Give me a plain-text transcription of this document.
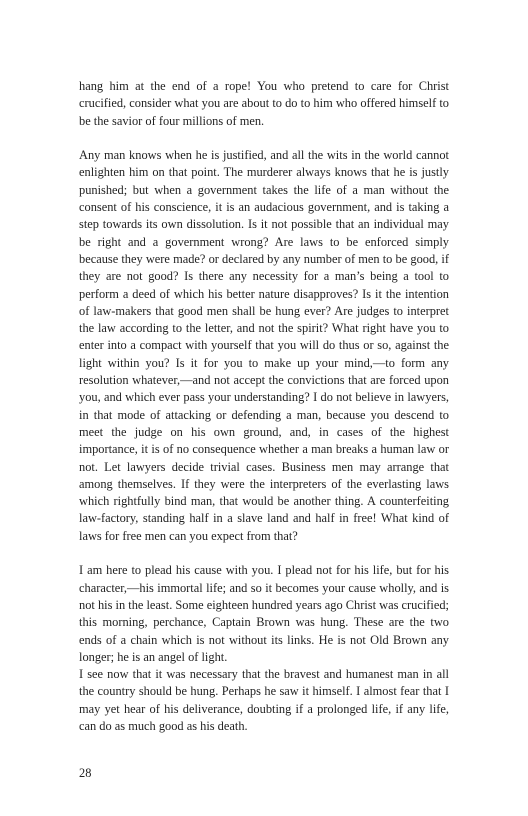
hang him at the end of a rope! You who pretend to care for Christ crucified, consider what you are about to do to him who offered himself to be the savior of four millions of men.

Any man knows when he is justified, and all the wits in the world cannot enlighten him on that point. The murderer always knows that he is justly punished; but when a government takes the life of a man without the consent of his conscience, it is an audacious government, and is taking a step towards its own dissolution. Is it not possible that an individual may be right and a government wrong? Are laws to be enforced simply because they were made? or declared by any number of men to be good, if they are not good? Is there any necessity for a man’s being a tool to perform a deed of which his better nature disapproves? Is it the intention of law-makers that good men shall be hung ever? Are judges to interpret the law according to the letter, and not the spirit? What right have you to enter into a compact with yourself that you will do thus or so, against the light within you? Is it for you to make up your mind,—to form any resolution whatever,—and not accept the convictions that are forced upon you, and which ever pass your understanding? I do not believe in lawyers, in that mode of attacking or defending a man, because you descend to meet the judge on his own ground, and, in cases of the highest importance, it is of no consequence whether a man breaks a human law or not. Let lawyers decide trivial cases. Business men may arrange that among themselves. If they were the interpreters of the everlasting laws which rightfully bind man, that would be another thing. A counterfeiting law-factory, standing half in a slave land and half in free! What kind of laws for free men can you expect from that?

I am here to plead his cause with you. I plead not for his life, but for his character,—his immortal life; and so it becomes your cause wholly, and is not his in the least. Some eighteen hundred years ago Christ was crucified; this morning, perchance, Captain Brown was hung. These are the two ends of a chain which is not without its links. He is not Old Brown any longer; he is an angel of light.

I see now that it was necessary that the bravest and humanest man in all the country should be hung. Perhaps he saw it himself. I almost fear that I may yet hear of his deliverance, doubting if a prolonged life, if any life, can do as much good as his death.

28
